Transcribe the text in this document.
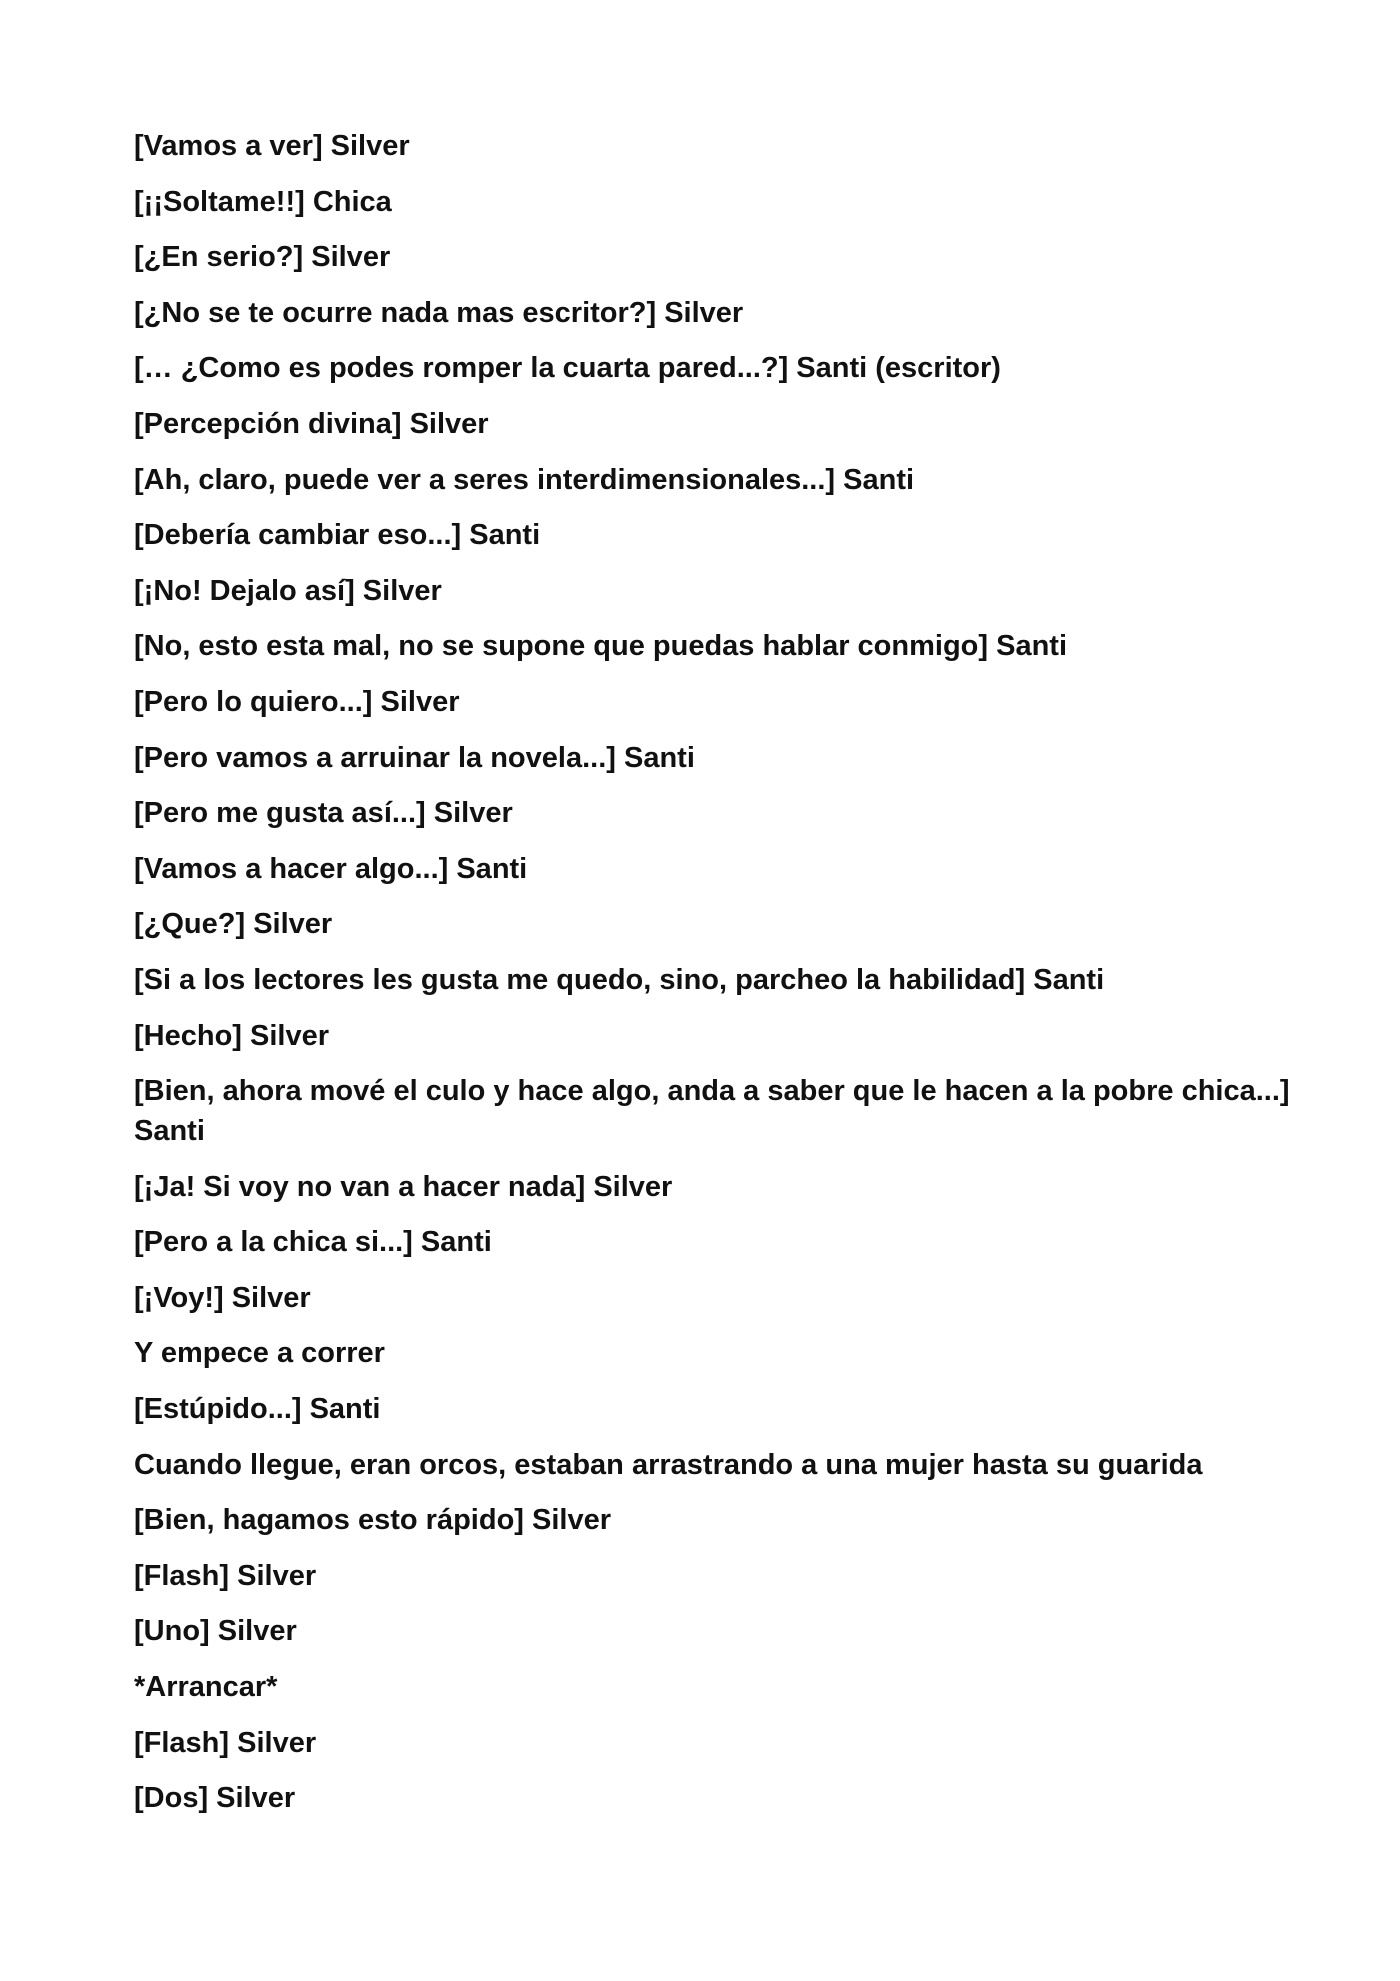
[Vamos a ver] Silver

[¡¡Soltame!!] Chica

[¿En serio?] Silver

[¿No se te ocurre nada mas escritor?] Silver

[… ¿Como es podes romper la cuarta pared...?] Santi (escritor)

[Percepción divina] Silver

[Ah, claro, puede ver a seres interdimensionales...] Santi

[Debería cambiar eso...] Santi

[¡No! Dejalo así] Silver

[No, esto esta mal, no se supone que puedas hablar conmigo] Santi

[Pero lo quiero...] Silver

[Pero vamos a arruinar la novela...] Santi

[Pero me gusta así...] Silver

[Vamos a hacer algo...] Santi

[¿Que?] Silver

[Si a los lectores les gusta me quedo, sino, parcheo la habilidad] Santi

[Hecho] Silver

[Bien, ahora mové el culo y hace algo, anda a saber que le hacen a la pobre chica...] Santi

[¡Ja! Si voy no van a hacer nada] Silver

[Pero a la chica si...] Santi

[¡Voy!] Silver

Y empece a correr

[Estúpido...] Santi

Cuando llegue, eran orcos, estaban arrastrando a una mujer hasta su guarida

[Bien, hagamos esto rápido] Silver

[Flash] Silver

[Uno] Silver

*Arrancar*

[Flash] Silver

[Dos] Silver
